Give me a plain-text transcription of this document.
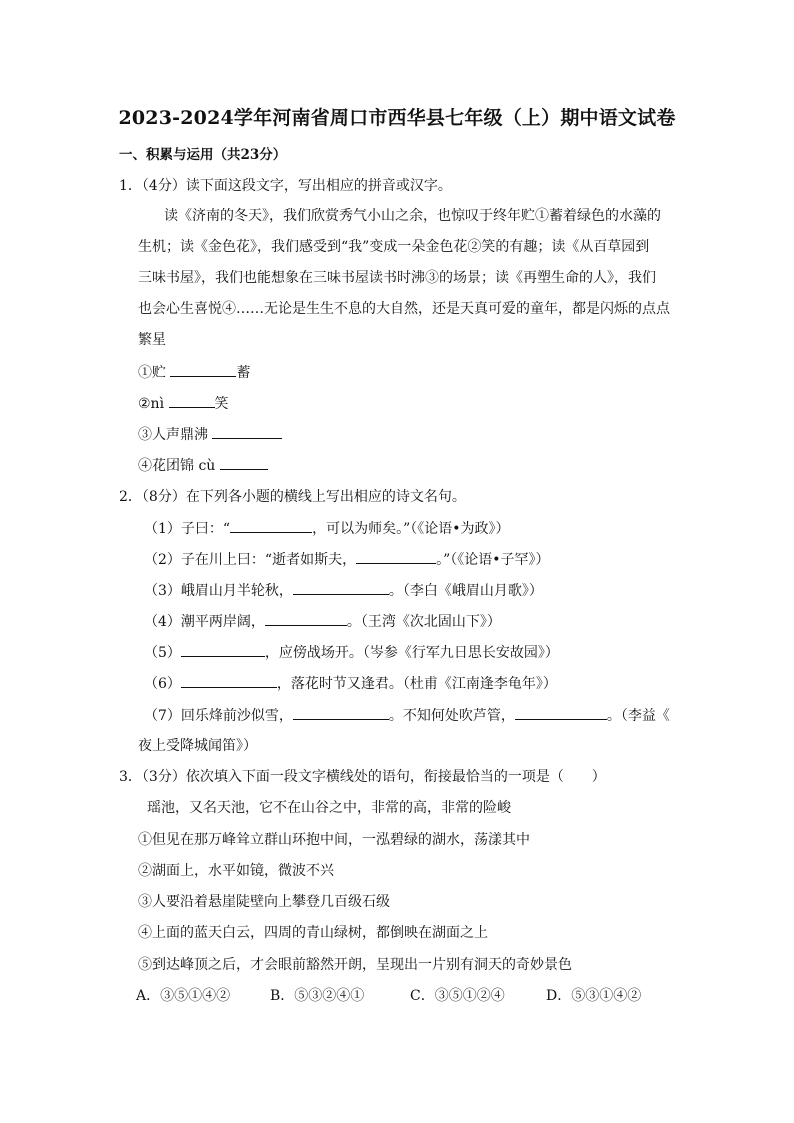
2023-2024学年河南省周口市西华县七年级（上）期中语文试卷
一、积累与运用（共23分）
1．（4分）读下面这段文字，写出相应的拼音或汉字。
读《济南的冬天》，我们欣赏秀气小山之余，也惊叹于终年贮①蓄着绿色的水藻的
生机；读《金色花》，我们感受到“我”变成一朵金色花②笑的有趣；读《从百草园到
三味书屋》，我们也能想象在三味书屋读书时沸③的场景；读《再塑生命的人》，我们
也会心生喜悦④……无论是生生不息的大自然，还是天真可爱的童年，都是闪烁的点点
繁星
①贮	蓄
②nì	笑
③人声鼎沸
④花团锦 cù
2．（8分）在下列各小题的横线上写出相应的诗文名句。
（1）子曰：“	，可以为师矣。”（《论语•为政》）
（2）子在川上曰：“逝者如斯夫，	。”（《论语•子罕》）
（3）峨眉山月半轮秋，	。（李白《峨眉山月歌》）
（4）潮平两岸阔，	。（王湾《次北固山下》）
（5）	，应傍战场开。（岑参《行军九日思长安故园》）
（6）	，落花时节又逢君。（杜甫《江南逢李龟年》）
（7）回乐烽前沙似雪，	。不知何处吹芦管，	。（李益《
夜上受降城闻笛》）
3．（3分）依次填入下面一段文字横线处的语句，衔接最恰当的一项是（　　）
瑶池，又名天池，它不在山谷之中，非常的高，非常的险峻
①但见在那万峰耸立群山环抱中间，一泓碧绿的湖水，荡漾其中
②湖面上，水平如镜，微波不兴
③人要沿着悬崖陡壁向上攀登几百级石级
④上面的蓝天白云，四周的青山绿树，都倒映在湖面之上
⑤到达峰顶之后，才会眼前豁然开朗，呈现出一片别有洞天的奇妙景色
A．③⑤①④②	B．⑤③②④①	C．③⑤①②④	D．⑤③①④②
